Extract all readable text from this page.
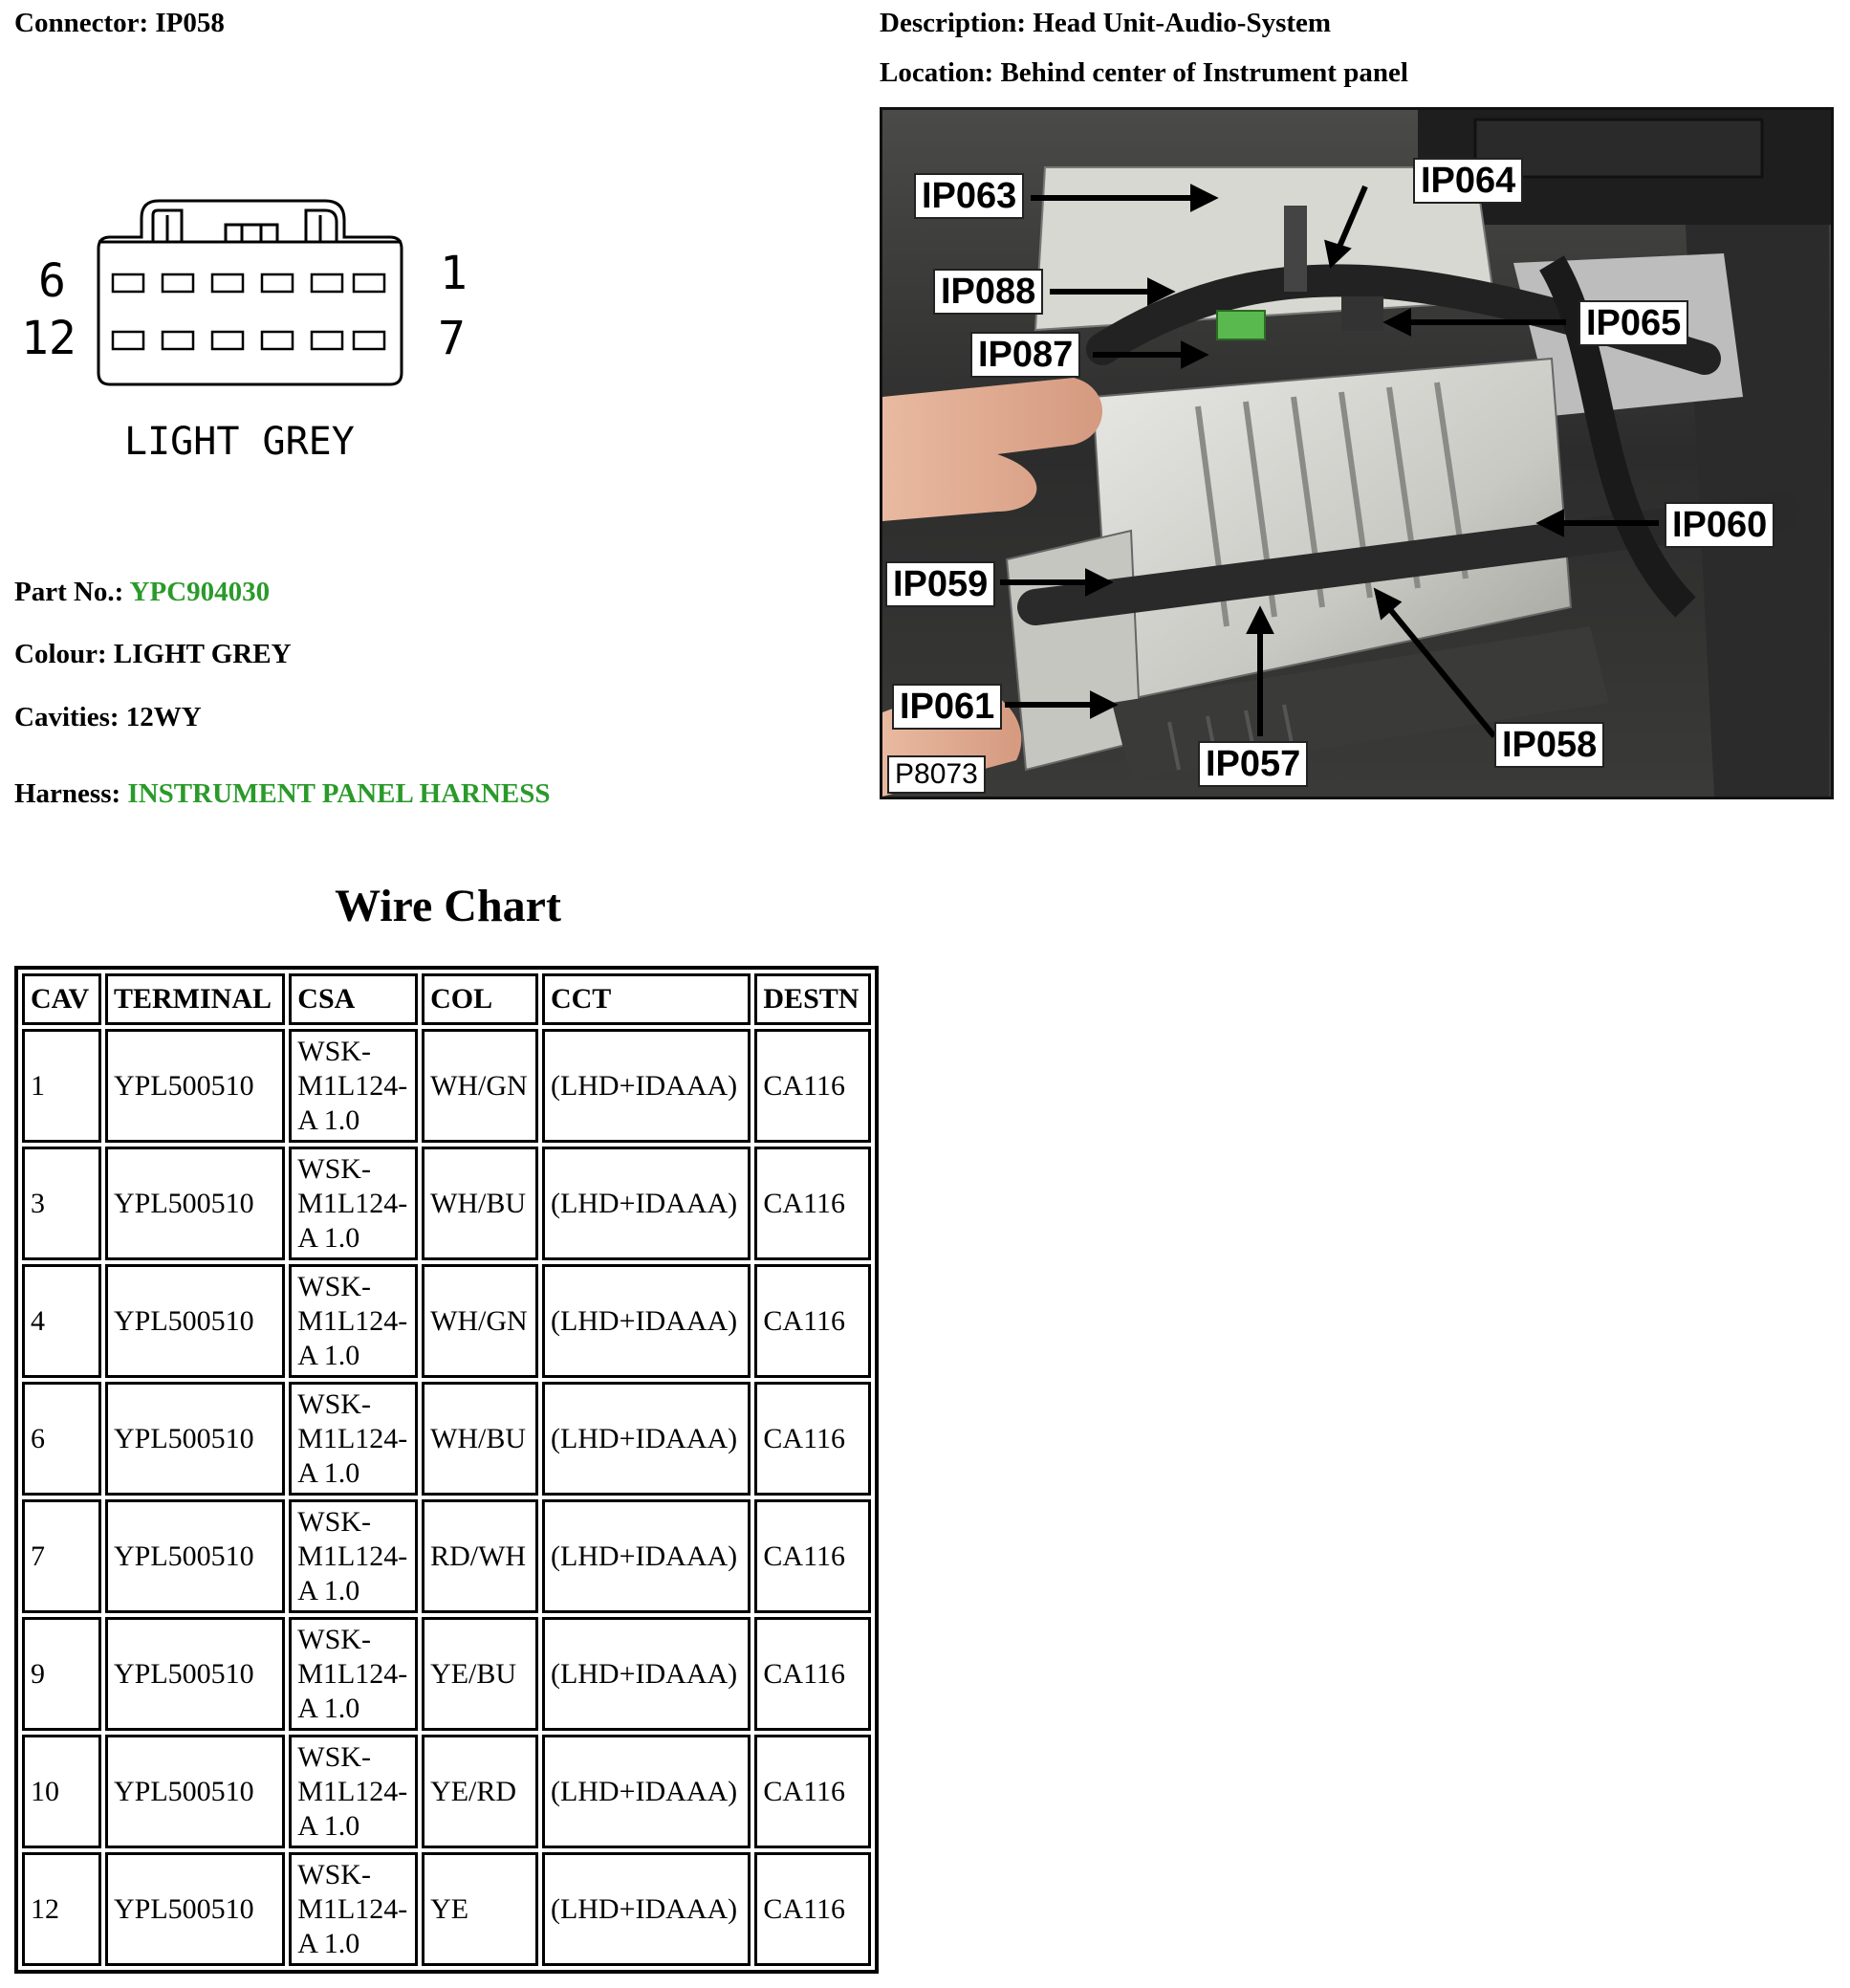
Connector: IP058	Description: Head Unit-Audio-System
Location: Behind center of Instrument panel
6	1
12	7
LIGHT GREY
Part No.: YPC904030
Colour: LIGHT GREY
Cavities: 12WY
Harness: INSTRUMENT PANEL HARNESS
IP063	IP064
IP088
IP065
IP087
IP060
IP059
IP061
IP057	IP058
P8073
Wire Chart
CAV	TERMINAL	CSA	COL	CCT	DESTN
1	YPL500510	WSK-
M1L124-
A 1.0	WH/GN	(LHD+IDAAA)	CA116
3	YPL500510	WSK-
M1L124-
A 1.0	WH/BU	(LHD+IDAAA)	CA116
4	YPL500510	WSK-
M1L124-
A 1.0	WH/GN	(LHD+IDAAA)	CA116
6	YPL500510	WSK-
M1L124-
A 1.0	WH/BU	(LHD+IDAAA)	CA116
7	YPL500510	WSK-
M1L124-
A 1.0	RD/WH	(LHD+IDAAA)	CA116
9	YPL500510	WSK-
M1L124-
A 1.0	YE/BU	(LHD+IDAAA)	CA116
10	YPL500510	WSK-
M1L124-
A 1.0	YE/RD	(LHD+IDAAA)	CA116
12	YPL500510	WSK-
M1L124-
A 1.0	YE	(LHD+IDAAA)	CA116
